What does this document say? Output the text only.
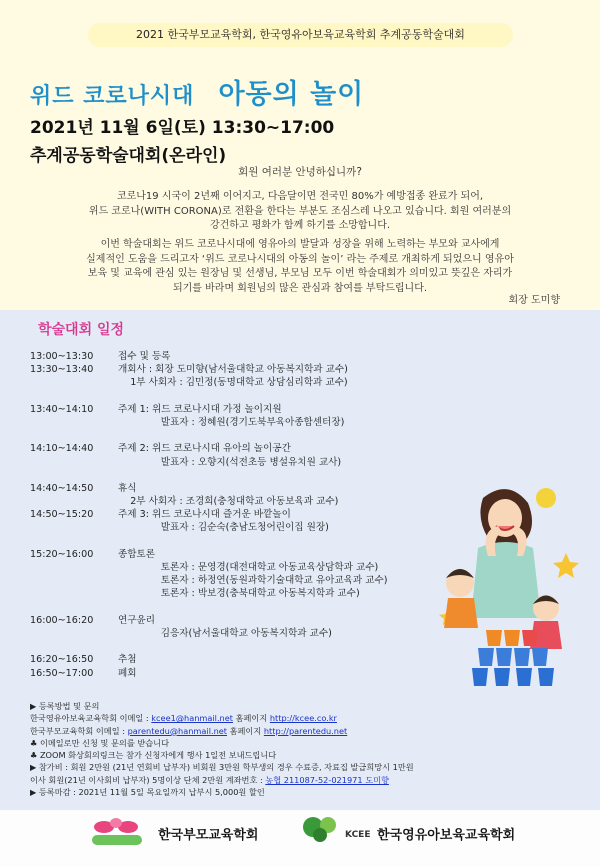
2021 한국부모교육학회, 한국영유아보육교육학회 추계공동학술대회
위드 코로나시대 아동의 놀이
2021년 11월 6일(토) 13:30~17:00
추계공동학술대회(온라인)
회원 여러분 안녕하십니까?
코로나19 시국이 2년째 이어지고, 다음달이면 전국민 80%가 예방접종 완료가 되어,
위드 코로나(WITH CORONA)로 전환을 한다는 부분도 조심스레 나오고 있습니다. 회원 여러분의
강건하고 평화가 함께 하기를 소망합니다.
이번 학술대회는 위드 코로나시대에 영유아의 발달과 성장을 위해 노력하는 부모와 교사에게
실제적인 도움을 드리고자 ‘위드 코로나시대의 아동의 놀이’ 라는 주제로 개최하게 되었으니 영유아
보육 및 교육에 관심 있는 원장님 및 선생님, 부모님 모두 이번 학술대회가 의미있고 뜻깊은 자리가
되기를 바라며 회원님의 많은 관심과 참여를 부탁드립니다.
회장 도미향
학술대회 일정
13:00~13:30	접수 및 등록
13:30~13:40	개회사 : 회장 도미향(남서울대학교 아동복지학과 교수)
1부 사회자 : 김민정(동명대학교 상담심리학과 교수)
13:40~14:10	주제 1: 위드 코로나시대 가정 놀이지원
발표자 : 정혜원(경기도북부육아종합센터장)
14:10~14:40	주제 2: 위드 코로나시대 유아의 놀이공간
발표자 : 오향지(석전초등 병설유치원 교사)
14:40~14:50	휴식
2부 사회자 : 조경희(충청대학교 아동보육과 교수)
14:50~15:20	주제 3: 위드 코로나시대 즐거운 바깥놀이
발표자 : 김순숙(충남도청어린이집 원장)
15:20~16:00	종합토론
토론자 : 문영경(대전대학교 아동교육상담학과 교수)
토론자 : 하정연(동원과학기술대학교 유아교육과 교수)
토론자 : 박보경(충북대학교 아동복지학과 교수)
16:00~16:20	연구윤리
김응자(남서울대학교 아동복지학과 교수)
16:20~16:50	추첨
16:50~17:00	폐회
▶ 등록방법 및 문의
한국영유아보육교육학회 이메일 : kcee1@hanmail.net 홈페이지 http://kcee.co.kr
한국부모교육학회 이메일 : parentedu@hanmail.net 홈페이지 http://parentedu.net
♣ 이메일로만 신청 및 문의를 받습니다
♣ ZOOM 화상회의링크는 참가 신청자에게 행사 1일전 보내드립니다
▶ 참가비 : 회원 2만원 (21년 연회비 납부자) 비회원 3만원 학부생의 경우 수료증, 자료집 발급희망시 1만원
이사 회원(21년 이사회비 납부자) 5명이상 단체 2만원 계좌번호 : 농협 211087-52-021971 도미향
▶ 등록마감 : 2021년 11월 5일 목요일까지 납부시 5,000원 할인
한국부모교육학회	KCEE 한국영유아보육교육학회
